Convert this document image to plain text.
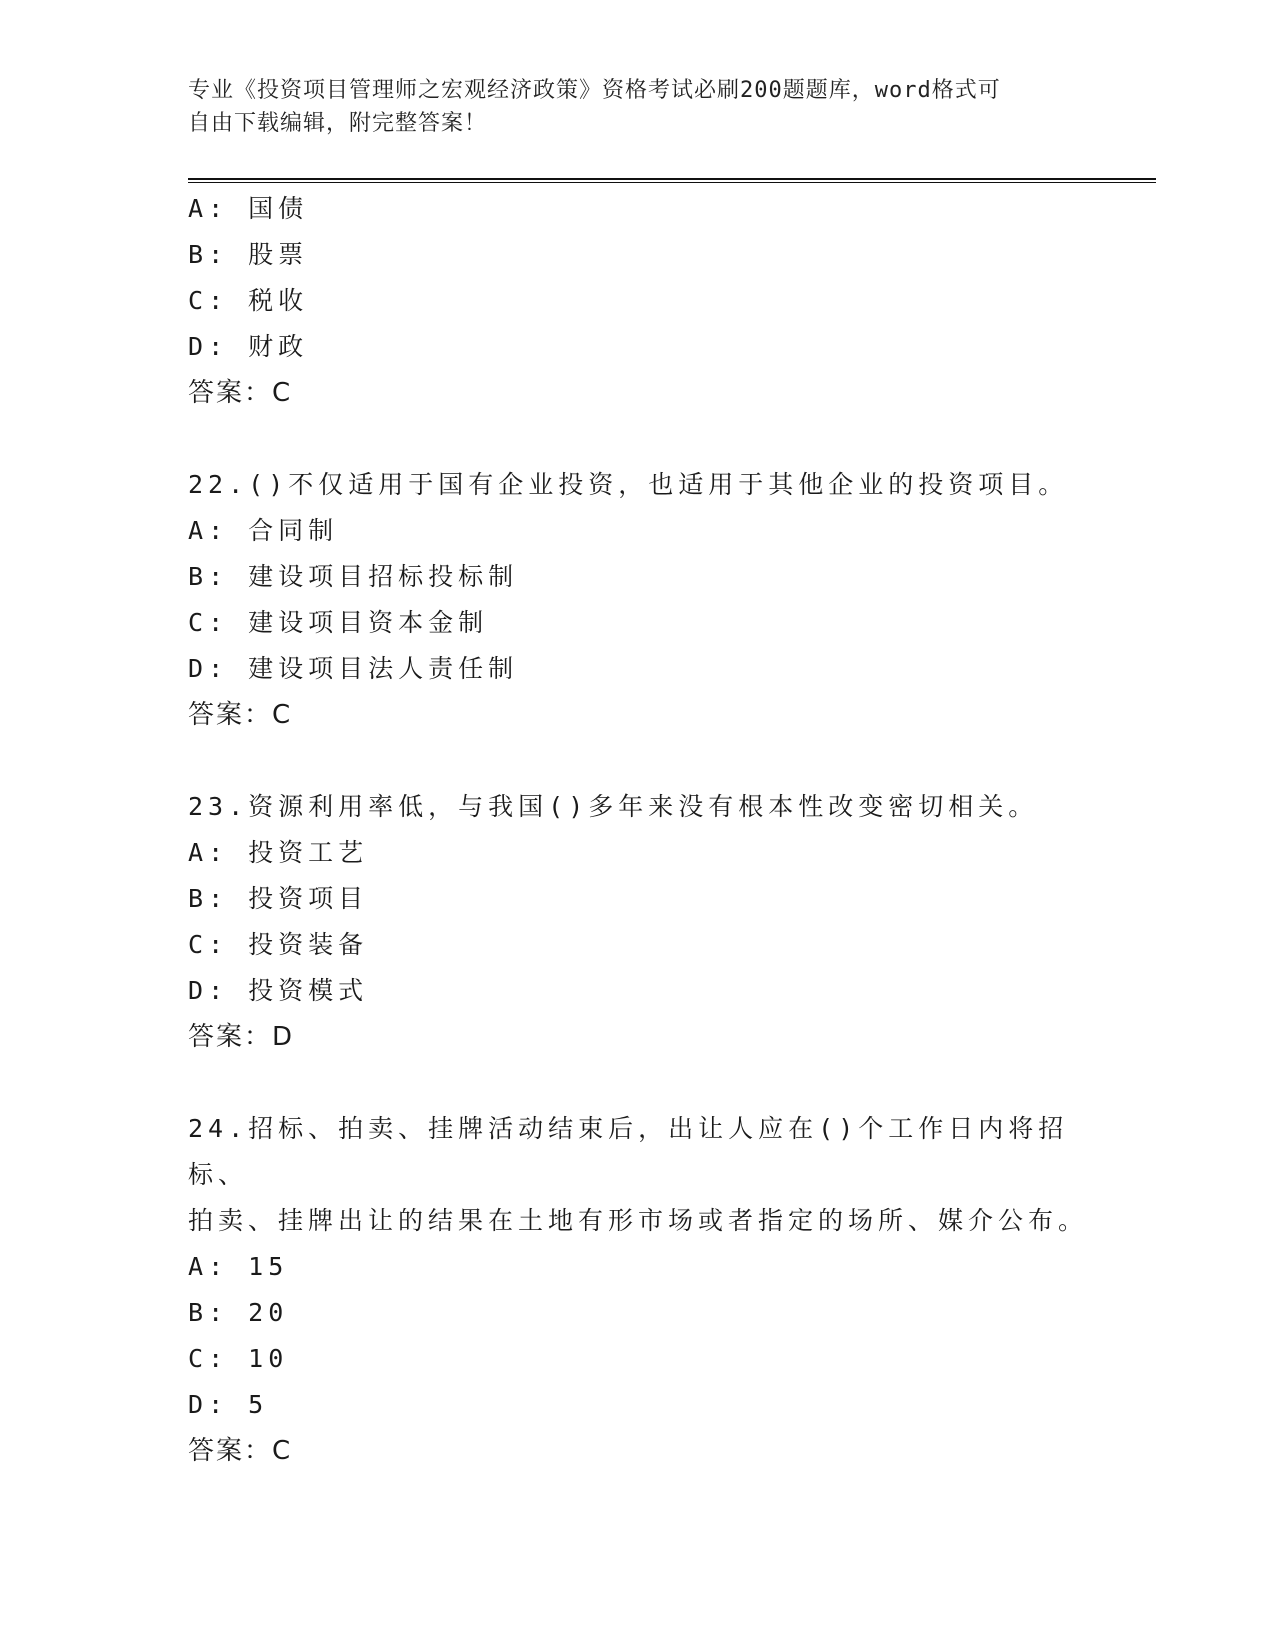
专业《投资项目管理师之宏观经济政策》资格考试必刷200题题库，word格式可
自由下载编辑，附完整答案！
A: 国债
B: 股票
C: 税收
D: 财政
答案：C
22.()不仅适用于国有企业投资，也适用于其他企业的投资项目。
A: 合同制
B: 建设项目招标投标制
C: 建设项目资本金制
D: 建设项目法人责任制
答案：C
23.资源利用率低，与我国()多年来没有根本性改变密切相关。
A: 投资工艺
B: 投资项目
C: 投资装备
D: 投资模式
答案：D
24.招标、拍卖、挂牌活动结束后，出让人应在()个工作日内将招标、
拍卖、挂牌出让的结果在土地有形市场或者指定的场所、媒介公布。
A: 15
B: 20
C: 10
D: 5
答案：C
